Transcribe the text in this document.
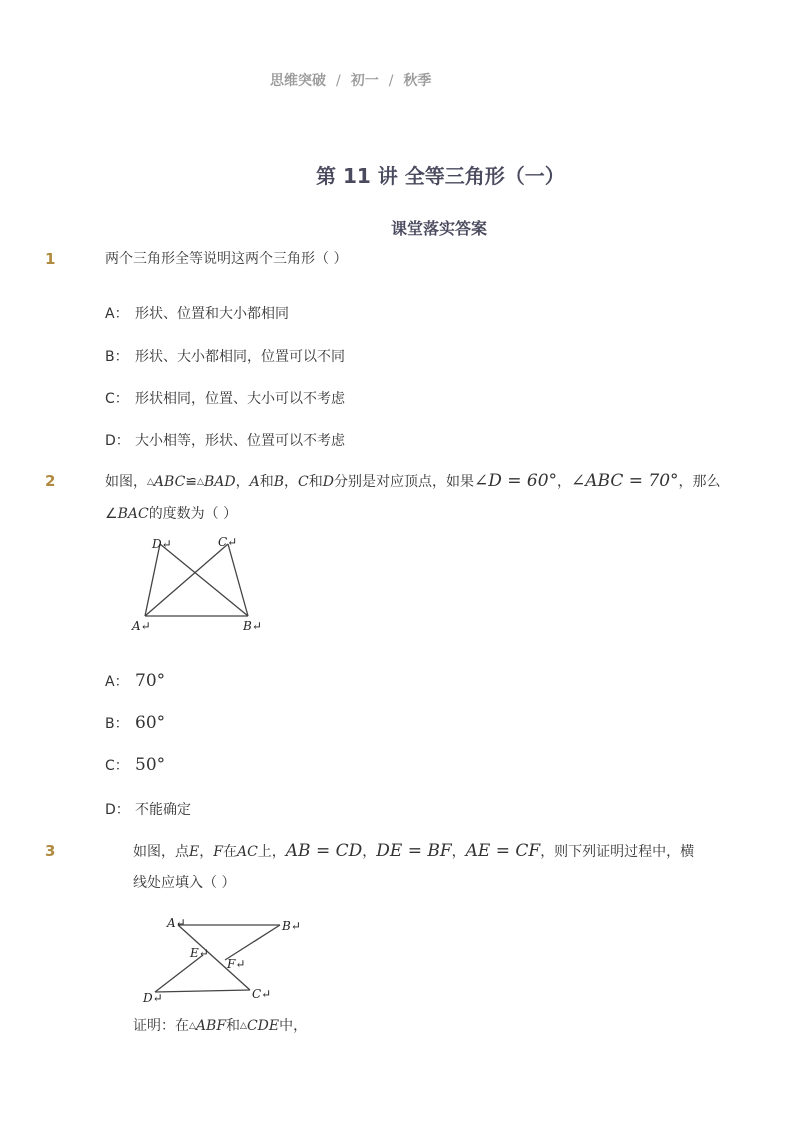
思维突破 / 初一 / 秋季
第 11 讲 全等三角形（一）
课堂落实答案
1	两个三角形全等说明这两个三角形（ ）
A： 形状、位置和大小都相同
B： 形状、大小都相同，位置可以不同
C： 形状相同，位置、大小可以不考虑
D： 大小相等，形状、位置可以不考虑
2	如图，△ABC≌△BAD，A和B，C和D分别是对应顶点，如果∠D = 60°，∠ABC = 70°，那么
∠BAC的度数为（ ）
D↵	C↵
A↵	B↵
A： 70°
B： 60°
C： 50°
D： 不能确定
3	如图，点E，F在AC上，AB = CD，DE = BF，AE = CF，则下列证明过程中，横
线处应填入（ ）
A↵	B↵
E↵
F↵
D↵	C↵
证明：在△ABF和△CDE中，
